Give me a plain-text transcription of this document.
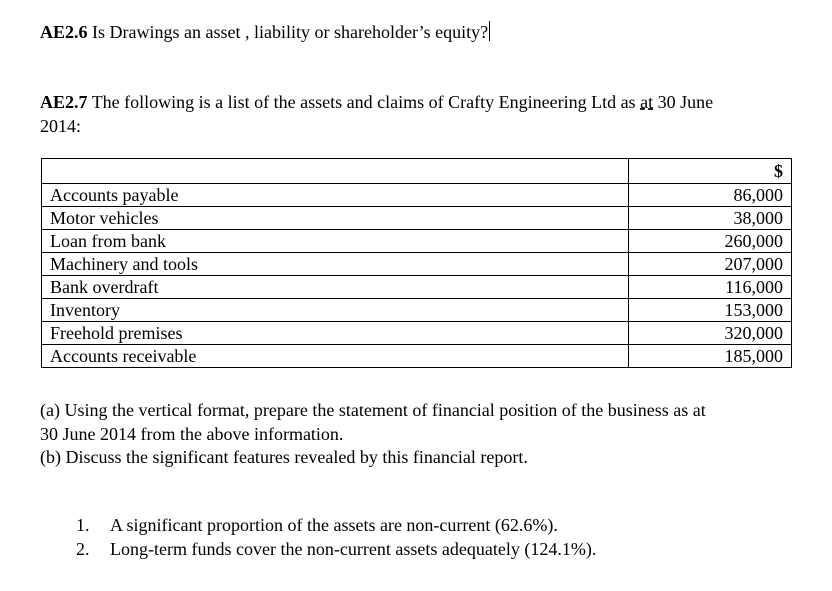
AE2.6 Is Drawings an asset , liability or shareholder’s equity?
AE2.7 The following is a list of the assets and claims of Crafty Engineering Ltd as at 30 June
2014:
	$
Accounts payable	86,000
Motor vehicles	38,000
Loan from bank	260,000
Machinery and tools	207,000
Bank overdraft	116,000
Inventory	153,000
Freehold premises	320,000
Accounts receivable	185,000
(a) Using the vertical format, prepare the statement of financial position of the business as at
30 June 2014 from the above information.
(b) Discuss the significant features revealed by this financial report.
1. A significant proportion of the assets are non-current (62.6%).
2. Long-term funds cover the non-current assets adequately (124.1%).
